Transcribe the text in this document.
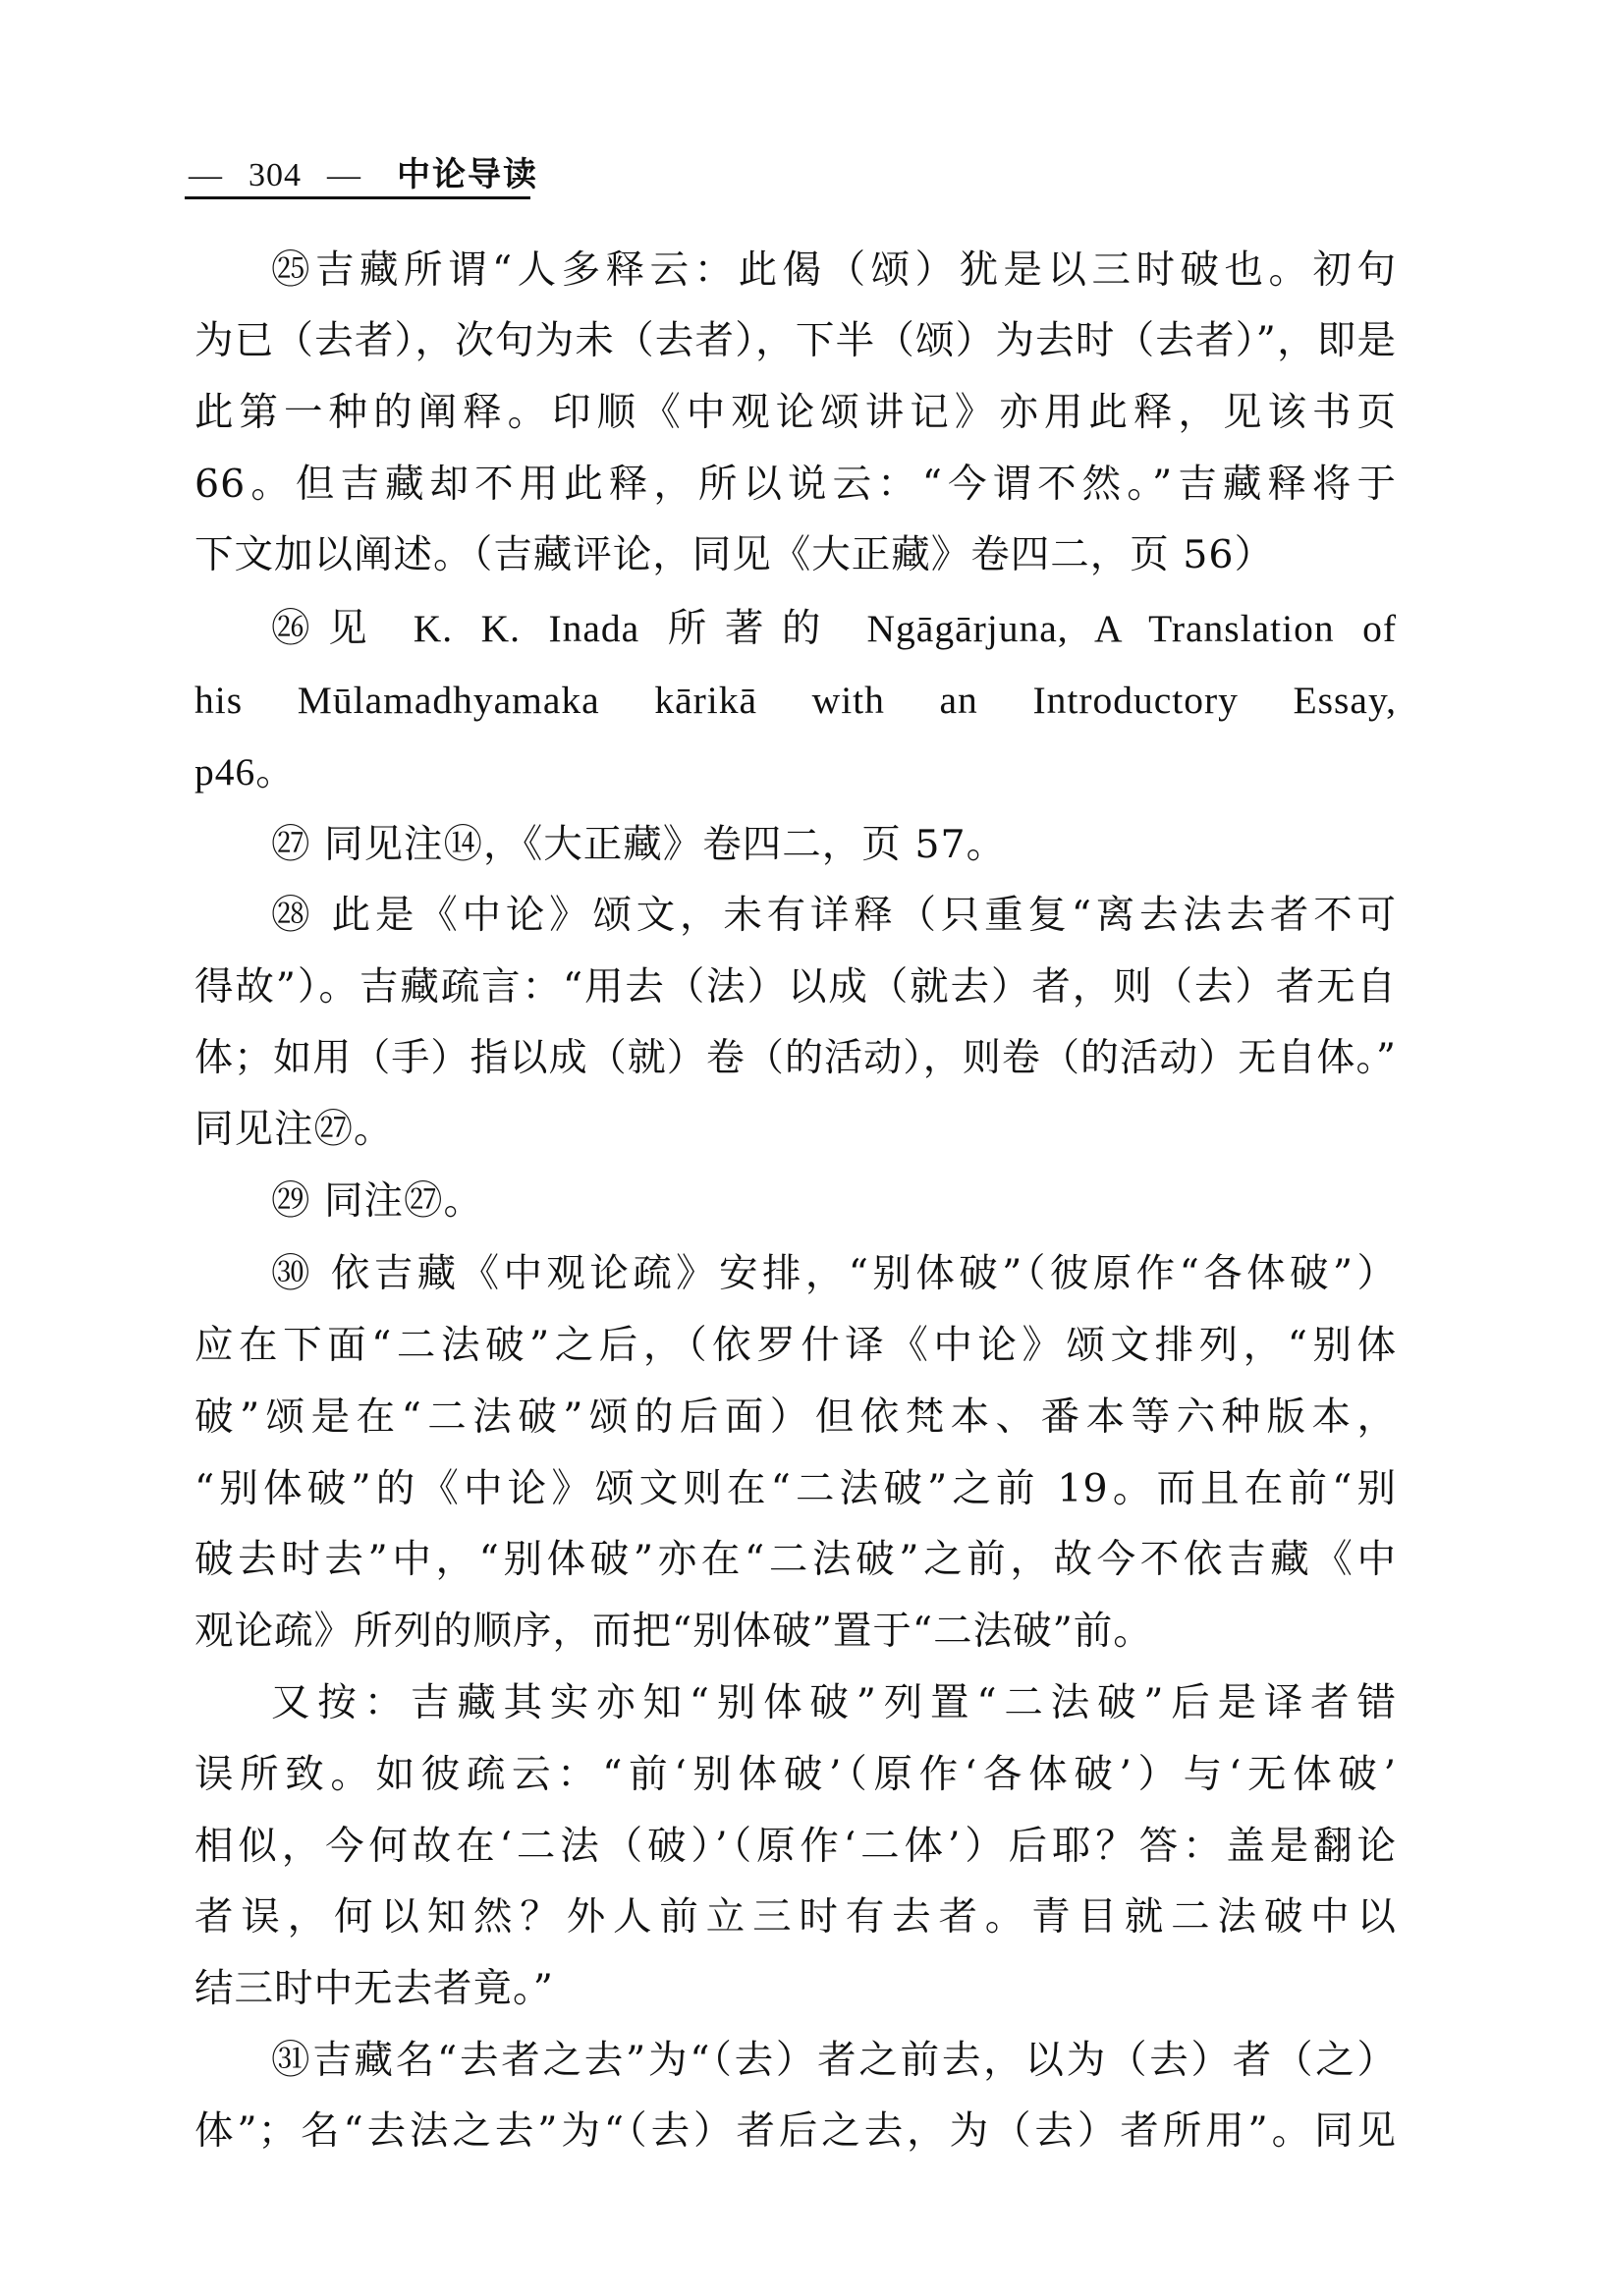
— 304 — 中论导读
㉕吉藏所谓“人多释云：此偈（颂）犹是以三时破也。初句
为已（去者），次句为未（去者），下半（颂）为去时（去者）”，即是
此第一种的阐释。印顺《中观论颂讲记》亦用此释，见该书页
66。但吉藏却不用此释，所以说云：“今谓不然。”吉藏释将于
下文加以阐述。（吉藏评论，同见《大正藏》卷四二，页 56）
㉖见 K. K. Inada 所著的 Ngāgārjuna, A Translation of
his Mūlamadhyamaka kārikā with an Introductory Essay,
p46。
㉗ 同见注⑭，《大正藏》卷四二，页 57。
㉘ 此是《中论》颂文，未有详释（只重复“离去法去者不可
得故”）。吉藏疏言：“用去（法）以成（就去）者，则（去）者无自
体；如用（手）指以成（就）卷（的活动），则卷（的活动）无自体。”
同见注㉗。
㉙ 同注㉗。
㉚ 依吉藏《中观论疏》安排，“别体破”（彼原作“各体破”）
应在下面“二法破”之后，（依罗什译《中论》颂文排列，“别体
破”颂是在“二法破”颂的后面）但依梵本、番本等六种版本，
“别体破”的《中论》颂文则在“二法破”之前 19。而且在前“别
破去时去”中，“别体破”亦在“二法破”之前，故今不依吉藏《中
观论疏》所列的顺序，而把“别体破”置于“二法破”前。
又按：吉藏其实亦知“别体破”列置“二法破”后是译者错
误所致。如彼疏云：“前‘别体破’（原作‘各体破’）与‘无体破’
相似，今何故在‘二法（破）’（原作‘二体’）后耶？答：盖是翻论
者误，何以知然？外人前立三时有去者。青目就二法破中以
结三时中无去者竟。”
㉛吉藏名“去者之去”为“（去）者之前去，以为（去）者（之）
体”；名“去法之去”为“（去）者后之去，为（去）者所用”。同见
